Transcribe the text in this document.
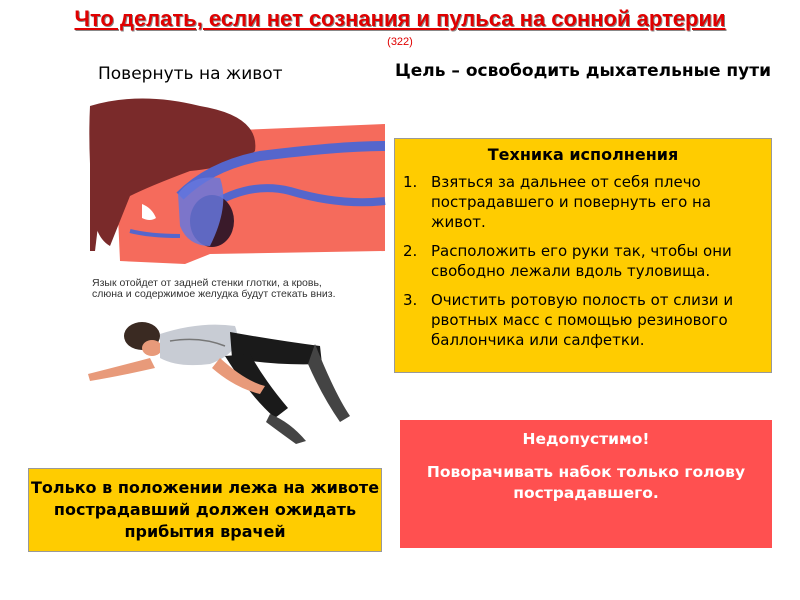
Что делать, если нет сознания и пульса на сонной артерии
(322)
Повернуть на живот	Цель – освободить дыхательные пути
Язык отойдет от задней стенки глотки, а кровь, слюна и содержимое желудка будут стекать вниз.
Техника исполнения
1. Взяться за дальнее от себя плечо пострадавшего и повернуть его на живот.
2. Расположить его руки так, чтобы они свободно лежали вдоль туловища.
3. Очистить ротовую полость от слизи и рвотных масс с помощью резинового баллончика или салфетки.
Недопустимо!
Поворачивать набок только голову пострадавшего.
Только в положении лежа на животе пострадавший должен ожидать прибытия врачей
